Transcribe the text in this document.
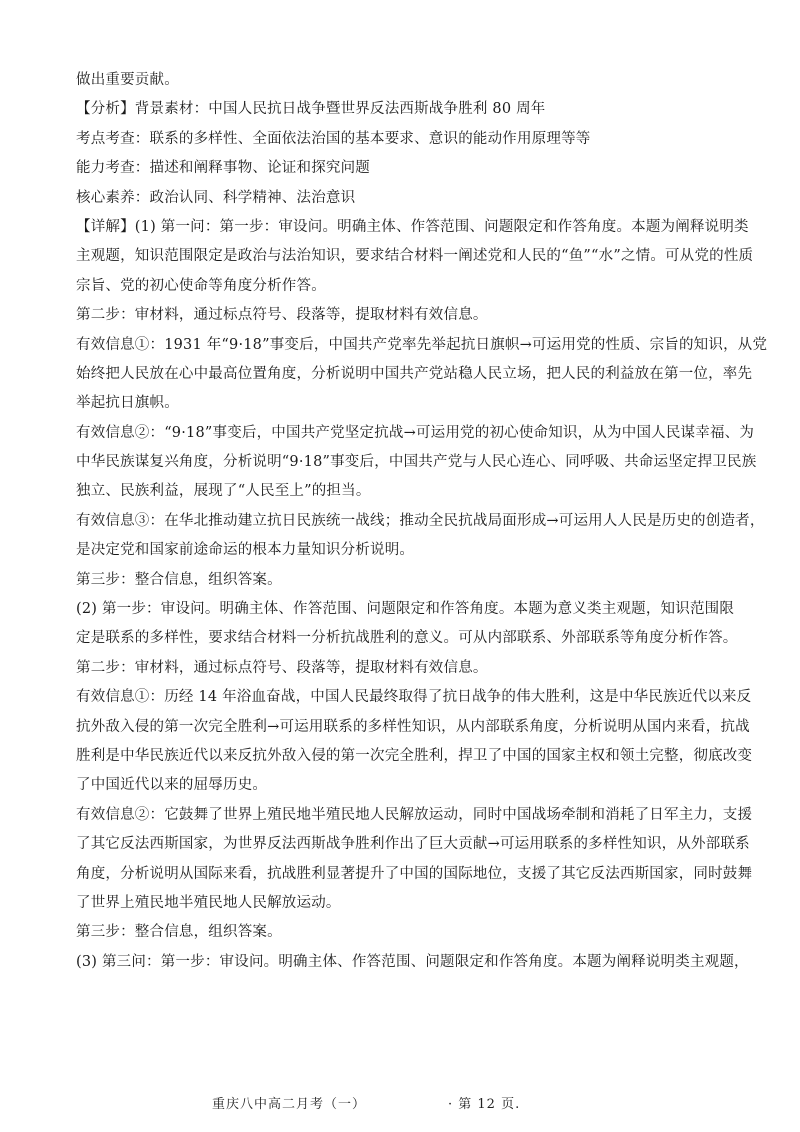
做出重要贡献。
【分析】背景素材：中国人民抗日战争暨世界反法西斯战争胜利 80 周年
考点考查：联系的多样性、全面依法治国的基本要求、意识的能动作用原理等等
能力考查：描述和阐释事物、论证和探究问题
核心素养：政治认同、科学精神、法治意识
【详解】(1) 第一问：第一步：审设问。明确主体、作答范围、问题限定和作答角度。本题为阐释说明类
主观题，知识范围限定是政治与法治知识，要求结合材料一阐述党和人民的“鱼”“水”之情。可从党的性质
宗旨、党的初心使命等角度分析作答。
第二步：审材料，通过标点符号、段落等，提取材料有效信息。
有效信息①：1931 年“9·18”事变后，中国共产党率先举起抗日旗帜→可运用党的性质、宗旨的知识，从党
始终把人民放在心中最高位置角度，分析说明中国共产党站稳人民立场，把人民的利益放在第一位，率先
举起抗日旗帜。
有效信息②：“9·18”事变后，中国共产党坚定抗战→可运用党的初心使命知识，从为中国人民谋幸福、为
中华民族谋复兴角度，分析说明“9·18”事变后，中国共产党与人民心连心、同呼吸、共命运坚定捍卫民族
独立、民族利益，展现了“人民至上”的担当。
有效信息③：在华北推动建立抗日民族统一战线；推动全民抗战局面形成→可运用人人民是历史的创造者，
是决定党和国家前途命运的根本力量知识分析说明。
第三步：整合信息，组织答案。
(2) 第一步：审设问。明确主体、作答范围、问题限定和作答角度。本题为意义类主观题，知识范围限
定是联系的多样性，要求结合材料一分析抗战胜利的意义。可从内部联系、外部联系等角度分析作答。
第二步：审材料，通过标点符号、段落等，提取材料有效信息。
有效信息①：历经 14 年浴血奋战，中国人民最终取得了抗日战争的伟大胜利，这是中华民族近代以来反
抗外敌入侵的第一次完全胜利→可运用联系的多样性知识，从内部联系角度，分析说明从国内来看，抗战
胜利是中华民族近代以来反抗外敌入侵的第一次完全胜利，捍卫了中国的国家主权和领土完整，彻底改变
了中国近代以来的屈辱历史。
有效信息②：它鼓舞了世界上殖民地半殖民地人民解放运动，同时中国战场牵制和消耗了日军主力，支援
了其它反法西斯国家，为世界反法西斯战争胜利作出了巨大贡献→可运用联系的多样性知识，从外部联系
角度，分析说明从国际来看，抗战胜利显著提升了中国的国际地位，支援了其它反法西斯国家，同时鼓舞
了世界上殖民地半殖民地人民解放运动。
第三步：整合信息，组织答案。
(3) 第三问：第一步：审设问。明确主体、作答范围、问题限定和作答角度。本题为阐释说明类主观题，
重庆八中高二月考（一）	· 第 12 页.
